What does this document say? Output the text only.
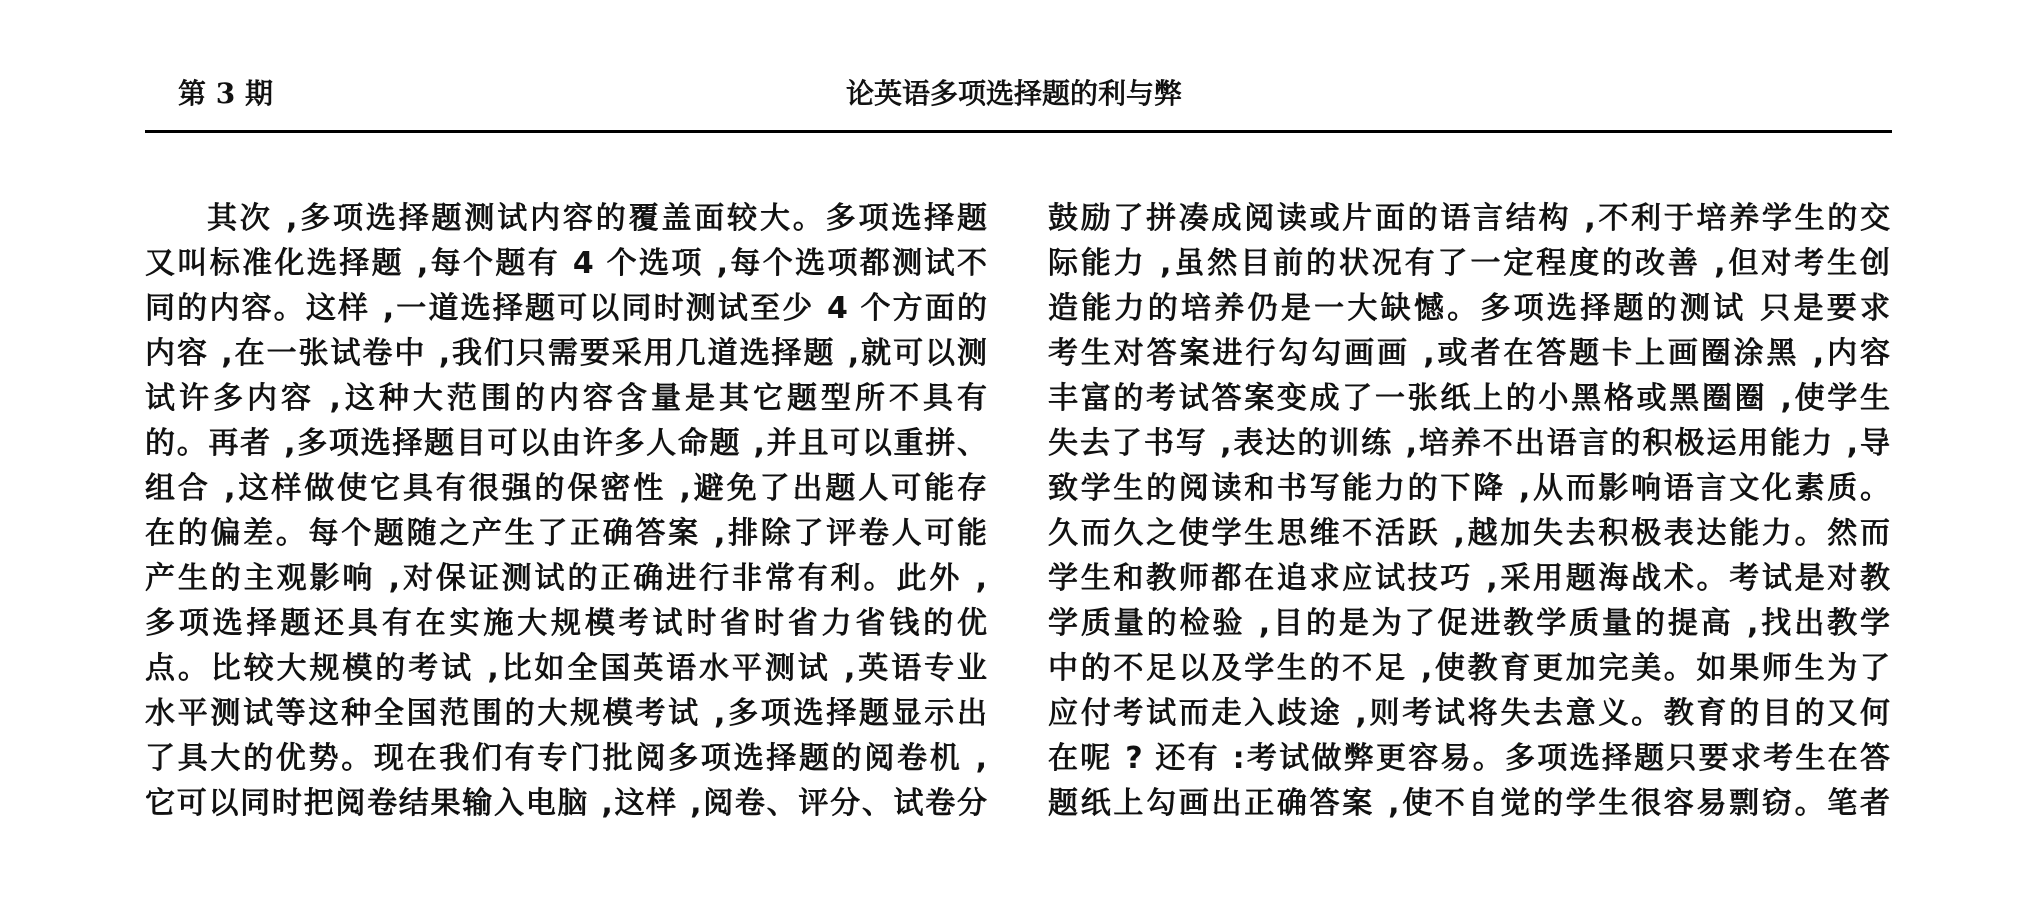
第 3 期	论英语多项选择题的利与弊
其次 ,多项选择题测试内容的覆盖面较大。多项选择题
又叫标准化选择题 ,每个题有 4 个选项 ,每个选项都测试不
同的内容。这样 ,一道选择题可以同时测试至少 4 个方面的
内容 ,在一张试卷中 ,我们只需要采用几道选择题 ,就可以测
试许多内容 ,这种大范围的内容含量是其它题型所不具有
的。再者 ,多项选择题目可以由许多人命题 ,并且可以重拼、
组合 ,这样做使它具有很强的保密性 ,避免了出题人可能存
在的偏差。每个题随之产生了正确答案 ,排除了评卷人可能
产生的主观影响 ,对保证测试的正确进行非常有利。此外 ,
多项选择题还具有在实施大规模考试时省时省力省钱的优
点。比较大规模的考试 ,比如全国英语水平测试 ,英语专业
水平测试等这种全国范围的大规模考试 ,多项选择题显示出
了具大的优势。现在我们有专门批阅多项选择题的阅卷机 ,
它可以同时把阅卷结果输入电脑 ,这样 ,阅卷、评分、试卷分
鼓励了拼凑成阅读或片面的语言结构 ,不利于培养学生的交
际能力 ,虽然目前的状况有了一定程度的改善 ,但对考生创
造能力的培养仍是一大缺憾。多项选择题的测试 只是要求
考生对答案进行勾勾画画 ,或者在答题卡上画圈涂黑 ,内容
丰富的考试答案变成了一张纸上的小黑格或黑圈圈 ,使学生
失去了书写 ,表达的训练 ,培养不出语言的积极运用能力 ,导
致学生的阅读和书写能力的下降 ,从而影响语言文化素质。
久而久之使学生思维不活跃 ,越加失去积极表达能力。然而
学生和教师都在追求应试技巧 ,采用题海战术。考试是对教
学质量的检验 ,目的是为了促进教学质量的提高 ,找出教学
中的不足以及学生的不足 ,使教育更加完美。如果师生为了
应付考试而走入歧途 ,则考试将失去意义。教育的目的又何
在呢 ? 还有 :考试做弊更容易。多项选择题只要求考生在答
题纸上勾画出正确答案 ,使不自觉的学生很容易剽窃。笔者
